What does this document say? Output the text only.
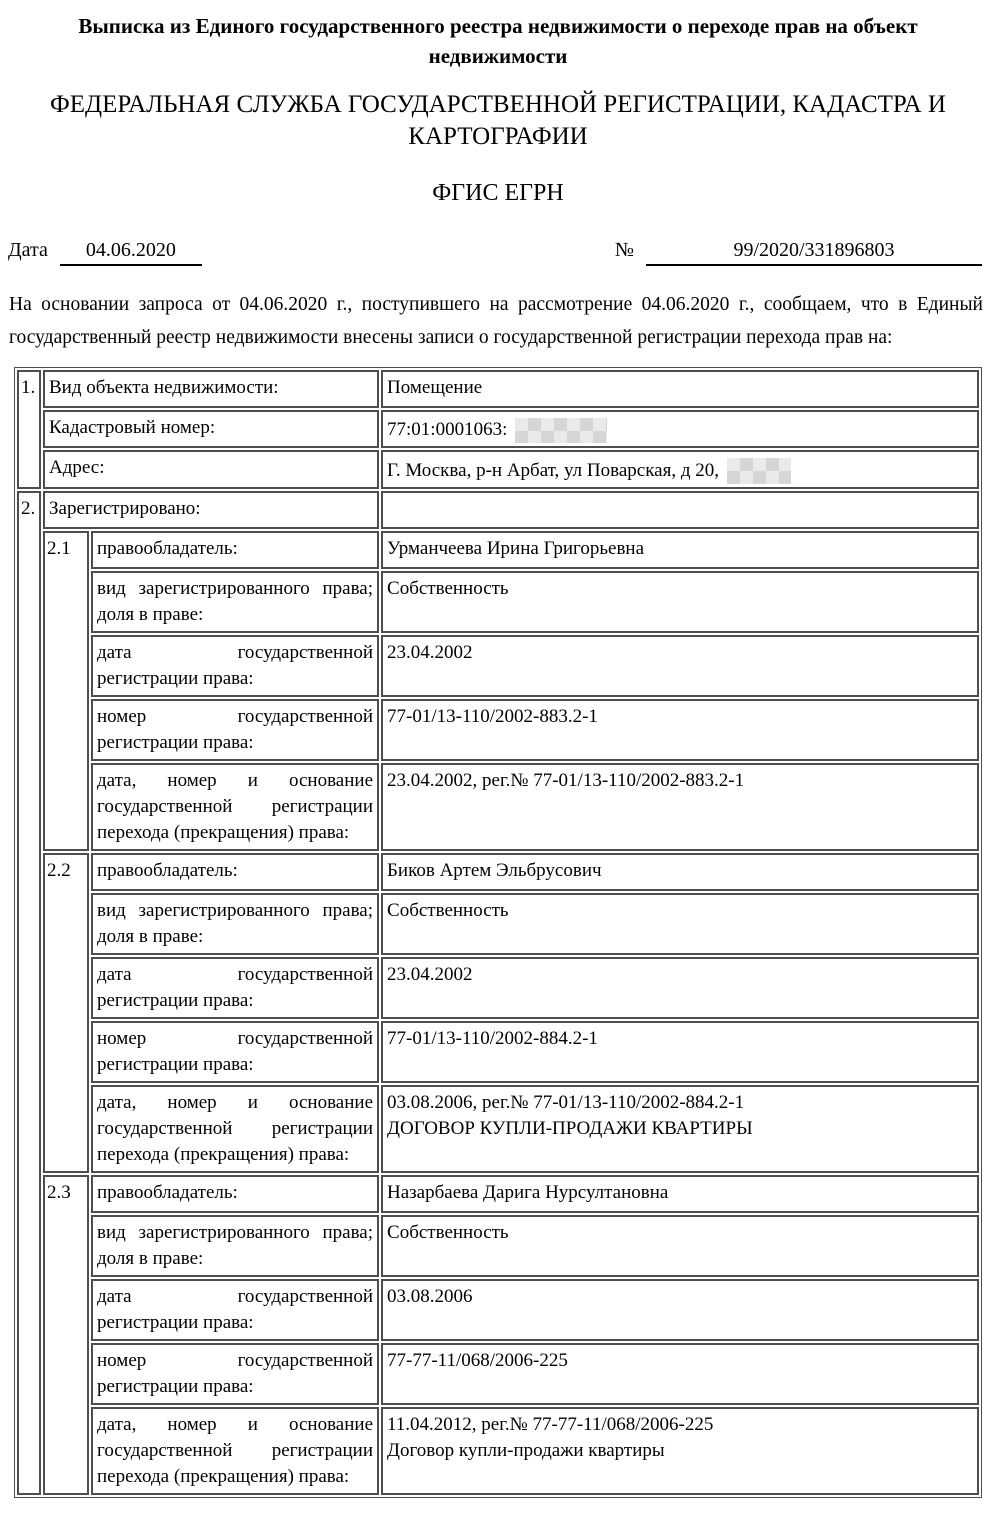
Выписка из Единого государственного реестра недвижимости о переходе прав на объект недвижимости
ФЕДЕРАЛЬНАЯ СЛУЖБА ГОСУДАРСТВЕННОЙ РЕГИСТРАЦИИ, КАДАСТРА И КАРТОГРАФИИ
ФГИС ЕГРН
Дата	04.06.2020	№	99/2020/331896803
На основании запроса от 04.06.2020 г., поступившего на рассмотрение 04.06.2020 г., сообщаем, что в Единый государственный реестр недвижимости внесены записи о государственной регистрации перехода прав на:
1.	Вид объекта недвижимости:		Помещение
	Кадастровый номер:		77:01:0001063:
	Адрес:		Г. Москва, р-н Арбат, ул Поварская, д 20,
2.	Зарегистрировано:		
	2.1	правообладатель:	Урманчеева Ирина Григорьевна
		вид зарегистрированного права; доля в праве:	Собственность
		дата государственной регистрации права:	23.04.2002
		номер государственной регистрации права:	77-01/13-110/2002-883.2-1
		дата, номер и основание государственной регистрации перехода (прекращения) права:	23.04.2002, рег.№ 77-01/13-110/2002-883.2-1

	2.2	правообладатель:	Биков Артем Эльбрусович
		вид зарегистрированного права; доля в праве:	Собственность
		дата государственной регистрации права:	23.04.2002
		номер государственной регистрации права:	77-01/13-110/2002-884.2-1
		дата, номер и основание государственной регистрации перехода (прекращения) права:	03.08.2006, рег.№ 77-01/13-110/2002-884.2-1
ДОГОВОР КУПЛИ-ПРОДАЖИ КВАРТИРЫ

	2.3	правообладатель:	Назарбаева Дарига Нурсултановна
		вид зарегистрированного права; доля в праве:	Собственность
		дата государственной регистрации права:	03.08.2006
		номер государственной регистрации права:	77-77-11/068/2006-225
		дата, номер и основание государственной регистрации перехода (прекращения) права:	11.04.2012, рег.№ 77-77-11/068/2006-225
Договор купли-продажи квартиры
